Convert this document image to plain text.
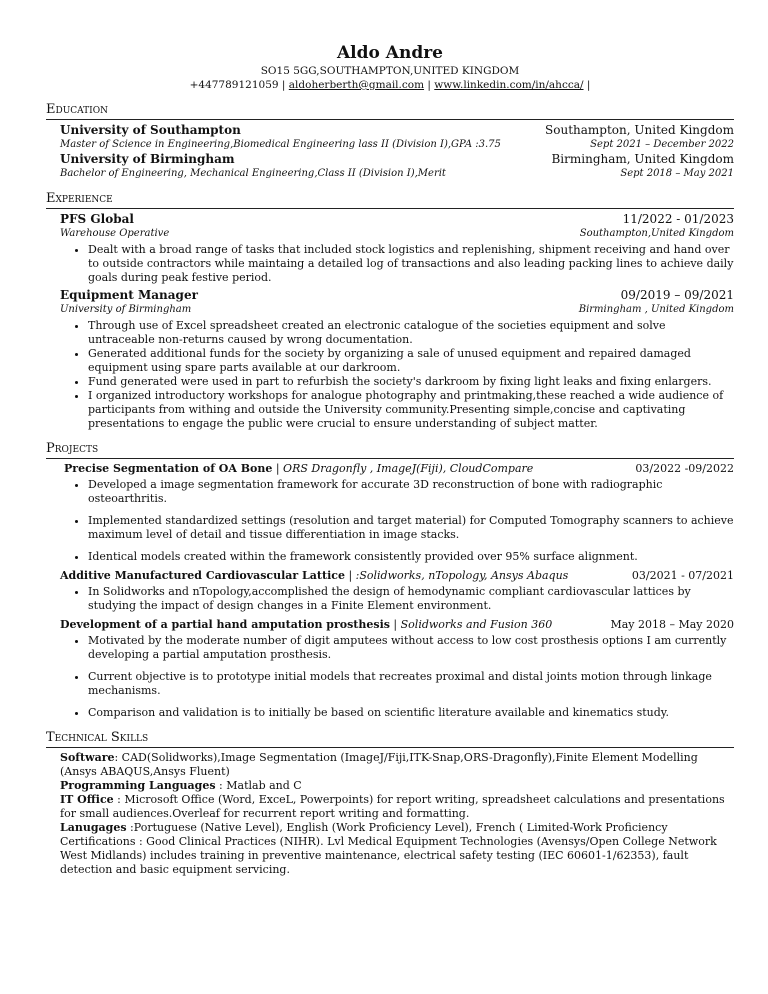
Aldo Andre
SO15 5GG,SOUTHAMPTON,UNITED KINGDOM
+447789121059 | aldoherberth@gmail.com | www.linkedin.com/in/ahcca/ |
Education
University of Southampton	Southampton, United Kingdom
Master of Science in Engineering,Biomedical Engineering lass II (Division I),GPA :3.75	Sept 2021 – December 2022
University of Birmingham	Birmingham, United Kingdom
Bachelor of Engineering, Mechanical Engineering,Class II (Division I),Merit	Sept 2018 – May 2021
Experience
PFS Global	11/2022 - 01/2023
Warehouse Operative	Southampton,United Kingdom
• Dealt with a broad range of tasks that included stock logistics and replenishing, shipment receiving and hand over to outside contractors while maintaing a detailed log of transactions and also leading packing lines to achieve daily goals during peak festive period.
Equipment Manager	09/2019 – 09/2021
University of Birmingham	Birmingham , United Kingdom
• Through use of Excel spreadsheet created an electronic catalogue of the societies equipment and solve untraceable non-returns caused by wrong documentation.
• Generated additional funds for the society by organizing a sale of unused equipment and repaired damaged equipment using spare parts available at our darkroom.
• Fund generated were used in part to refurbish the society's darkroom by fixing light leaks and fixing enlargers.
• I organized introductory workshops for analogue photography and printmaking,these reached a wide audience of participants from withing and outside the University community.Presenting simple,concise and captivating presentations to engage the public were crucial to ensure understanding of subject matter.
Projects
Precise Segmentation of OA Bone | ORS Dragonfly , ImageJ(Fiji), CloudCompare	03/2022 -09/2022
• Developed a image segmentation framework for accurate 3D reconstruction of bone with radiographic osteoarthritis.
• Implemented standardized settings (resolution and target material) for Computed Tomography scanners to achieve maximum level of detail and tissue differentiation in image stacks.
• Identical models created within the framework consistently provided over 95% surface alignment.
Additive Manufactured Cardiovascular Lattice | :Solidworks, nTopology, Ansys Abaqus	03/2021 - 07/2021
• In Solidworks and nTopology,accomplished the design of hemodynamic compliant cardiovascular lattices by studying the impact of design changes in a Finite Element environment.
Development of a partial hand amputation prosthesis | Solidworks and Fusion 360	May 2018 – May 2020
• Motivated by the moderate number of digit amputees without access to low cost prosthesis options I am currently developing a partial amputation prosthesis.
• Current objective is to prototype initial models that recreates proximal and distal joints motion through linkage mechanisms.
• Comparison and validation is to initially be based on scientific literature available and kinematics study.
Technical Skills

Software: CAD(Solidworks),Image Segmentation (ImageJ/Fiji,ITK-Snap,ORS-Dragonfly),Finite Element Modelling (Ansys ABAQUS,Ansys Fluent)

Programming Languages : Matlab and C

IT Office : Microsoft Office (Word, ExceL, Powerpoints) for report writing, spreadsheet calculations and presentations for small audiences.Overleaf for recurrent report writing and formatting.

Lanugages :Portuguese (Native Level), English (Work Proficiency Level), French ( Limited-Work Proficiency Certifications : Good Clinical Practices (NIHR). Lvl Medical Equipment Technologies (Avensys/Open College Network West Midlands) includes training in preventive maintenance, electrical safety testing (IEC 60601-1/62353), fault detection and basic equipment servicing.
